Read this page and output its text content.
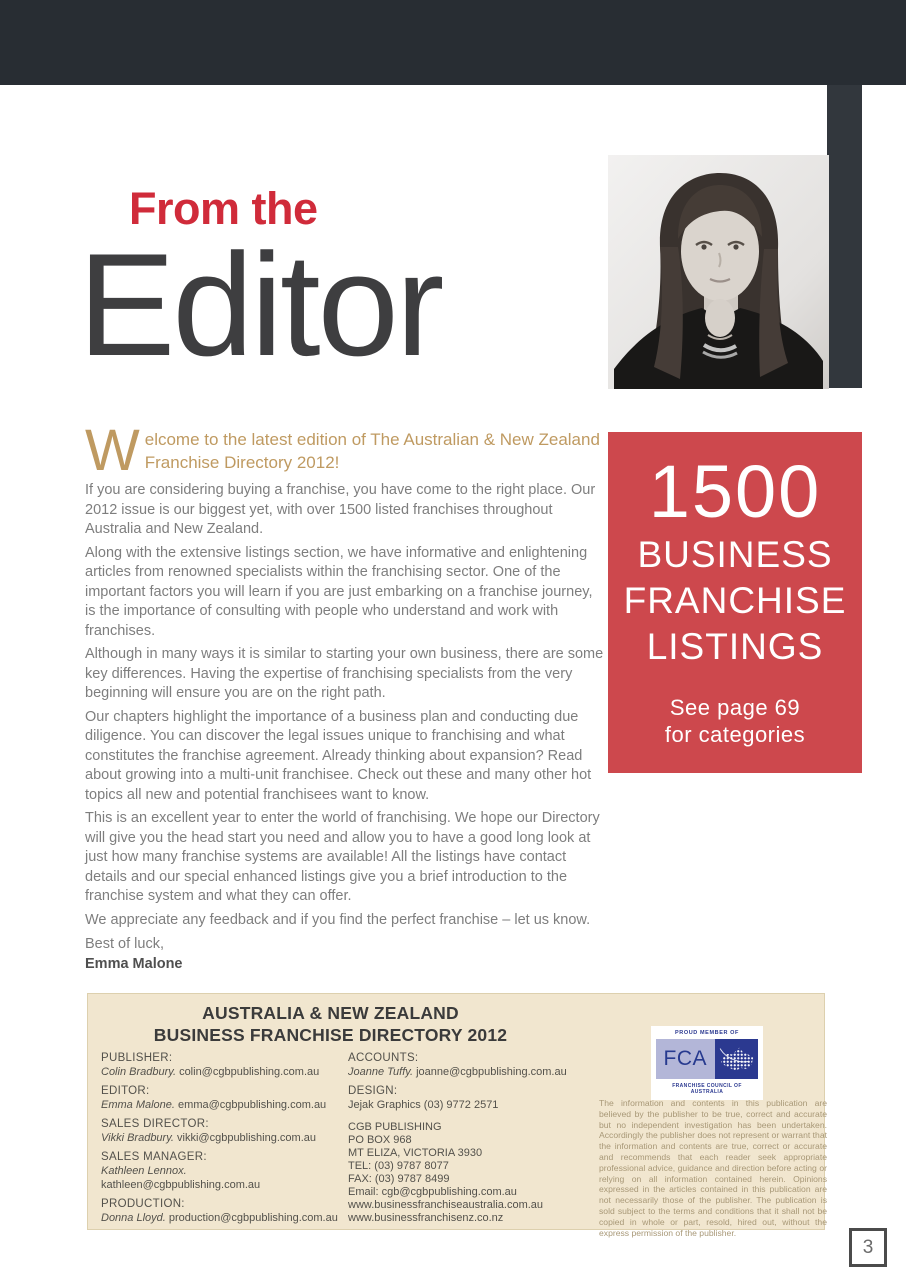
From the
Editor
W elcome to the latest edition of The Australian & New Zealand Franchise Directory 2012!

If you are considering buying a franchise, you have come to the right place. Our 2012 issue is our biggest yet, with over 1500 listed franchises throughout Australia and New Zealand.

Along with the extensive listings section, we have informative and enlightening articles from renowned specialists within the franchising sector. One of the important factors you will learn if you are just embarking on a franchise journey, is the importance of consulting with people who understand and work with franchises.

Although in many ways it is similar to starting your own business, there are some key differences. Having the expertise of franchising specialists from the very beginning will ensure you are on the right path.

Our chapters highlight the importance of a business plan and conducting due diligence. You can discover the legal issues unique to franchising and what constitutes the franchise agreement. Already thinking about expansion? Read about growing into a multi-unit franchisee. Check out these and many other hot topics all new and potential franchisees want to know.

This is an excellent year to enter the world of franchising. We hope our Directory will give you the head start you need and allow you to have a good long look at just how many franchise systems are available! All the listings have contact details and our special enhanced listings give you a brief introduction to the franchise system and what they can offer.

We appreciate any feedback and if you find the perfect franchise – let us know.

Best of luck,
Emma Malone
1500
BUSINESS
FRANCHISE
LISTINGS
See page 69
for categories
AUSTRALIA & NEW ZEALAND
BUSINESS FRANCHISE DIRECTORY 2012
PUBLISHER:
Colin Bradbury. colin@cgbpublishing.com.au
EDITOR:
Emma Malone. emma@cgbpublishing.com.au
SALES DIRECTOR:
Vikki Bradbury. vikki@cgbpublishing.com.au
SALES MANAGER:
Kathleen Lennox. kathleen@cgbpublishing.com.au
PRODUCTION:
Donna Lloyd. production@cgbpublishing.com.au
ACCOUNTS:
Joanne Tuffy. joanne@cgbpublishing.com.au
DESIGN:
Jejak Graphics (03) 9772 2571
CGB PUBLISHING
PO BOX 968
MT ELIZA, VICTORIA 3930
TEL: (03) 9787 8077
FAX: (03) 9787 8499
Email: cgb@cgbpublishing.com.au
www.businessfranchiseaustralia.com.au
www.businessfranchisenz.co.nz
PROUD MEMBER OF
FCA
FRANCHISE COUNCIL OF AUSTRALIA
The information and contents in this publication are believed by the publisher to be true, correct and accurate but no independent investigation has been undertaken. Accordingly the publisher does not represent or warrant that the information and contents are true, correct or accurate and recommends that each reader seek appropriate professional advice, guidance and direction before acting or relying on all information contained herein. Opinions expressed in the articles contained in this publication are not necessarily those of the publisher. The publication is sold subject to the terms and conditions that it shall not be copied in whole or part, resold, hired out, without the express permission of the publisher.
3
